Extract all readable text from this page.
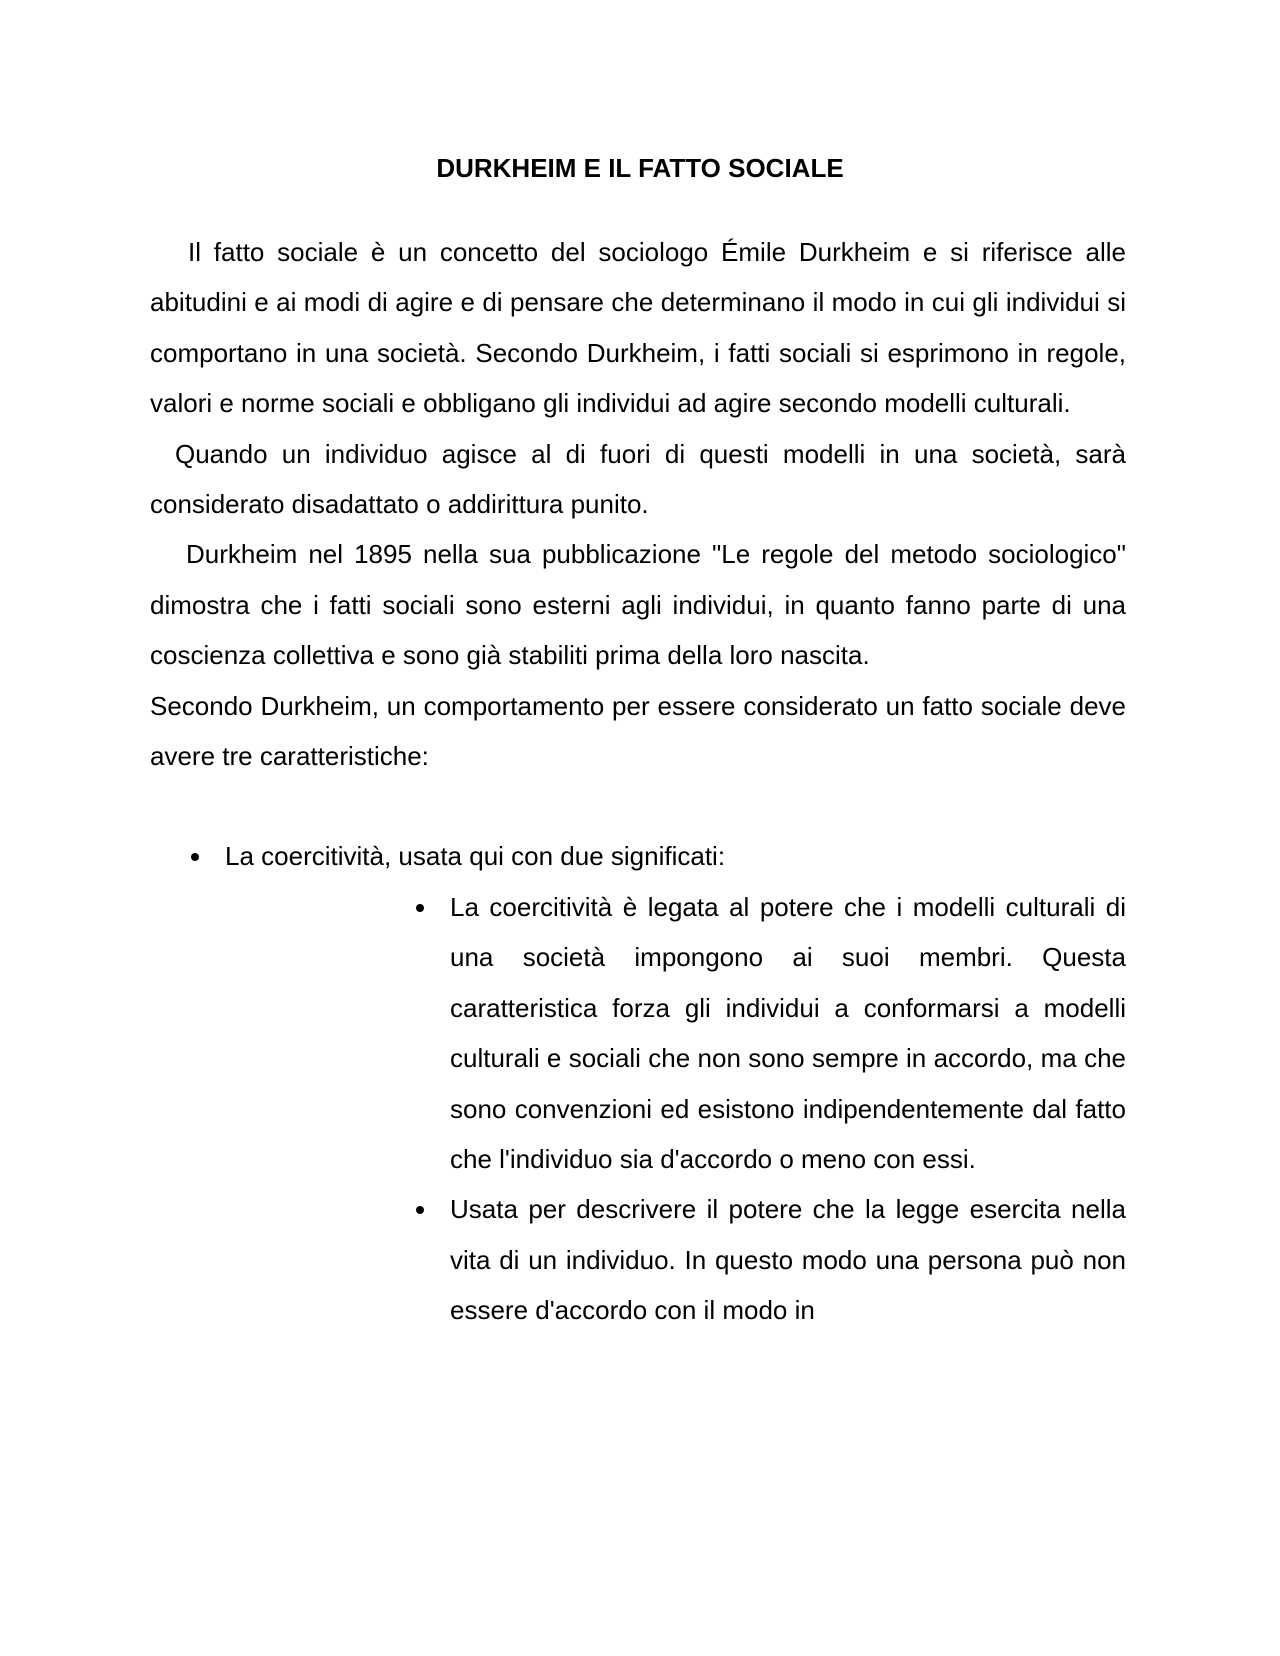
DURKHEIM E IL FATTO SOCIALE

Il fatto sociale è un concetto del sociologo Émile Durkheim e si riferisce alle abitudini e ai modi di agire e di pensare che determinano il modo in cui gli individui si comportano in una società. Secondo Durkheim, i fatti sociali si esprimono in regole, valori e norme sociali e obbligano gli individui ad agire secondo modelli culturali.

Quando un individuo agisce al di fuori di questi modelli in una società, sarà considerato disadattato o addirittura punito.

Durkheim nel 1895 nella sua pubblicazione "Le regole del metodo sociologico" dimostra che i fatti sociali sono esterni agli individui, in quanto fanno parte di una coscienza collettiva e sono già stabiliti prima della loro nascita.

Secondo Durkheim, un comportamento per essere considerato un fatto sociale deve avere tre caratteristiche:

La coercitività, usata qui con due significati:
La coercitività è legata al potere che i modelli culturali di una società impongono ai suoi membri. Questa caratteristica forza gli individui a conformarsi a modelli culturali e sociali che non sono sempre in accordo, ma che sono convenzioni ed esistono indipendentemente dal fatto che l'individuo sia d'accordo o meno con essi.
Usata per descrivere il potere che la legge esercita nella vita di un individuo. In questo modo una persona può non essere d'accordo con il modo in
